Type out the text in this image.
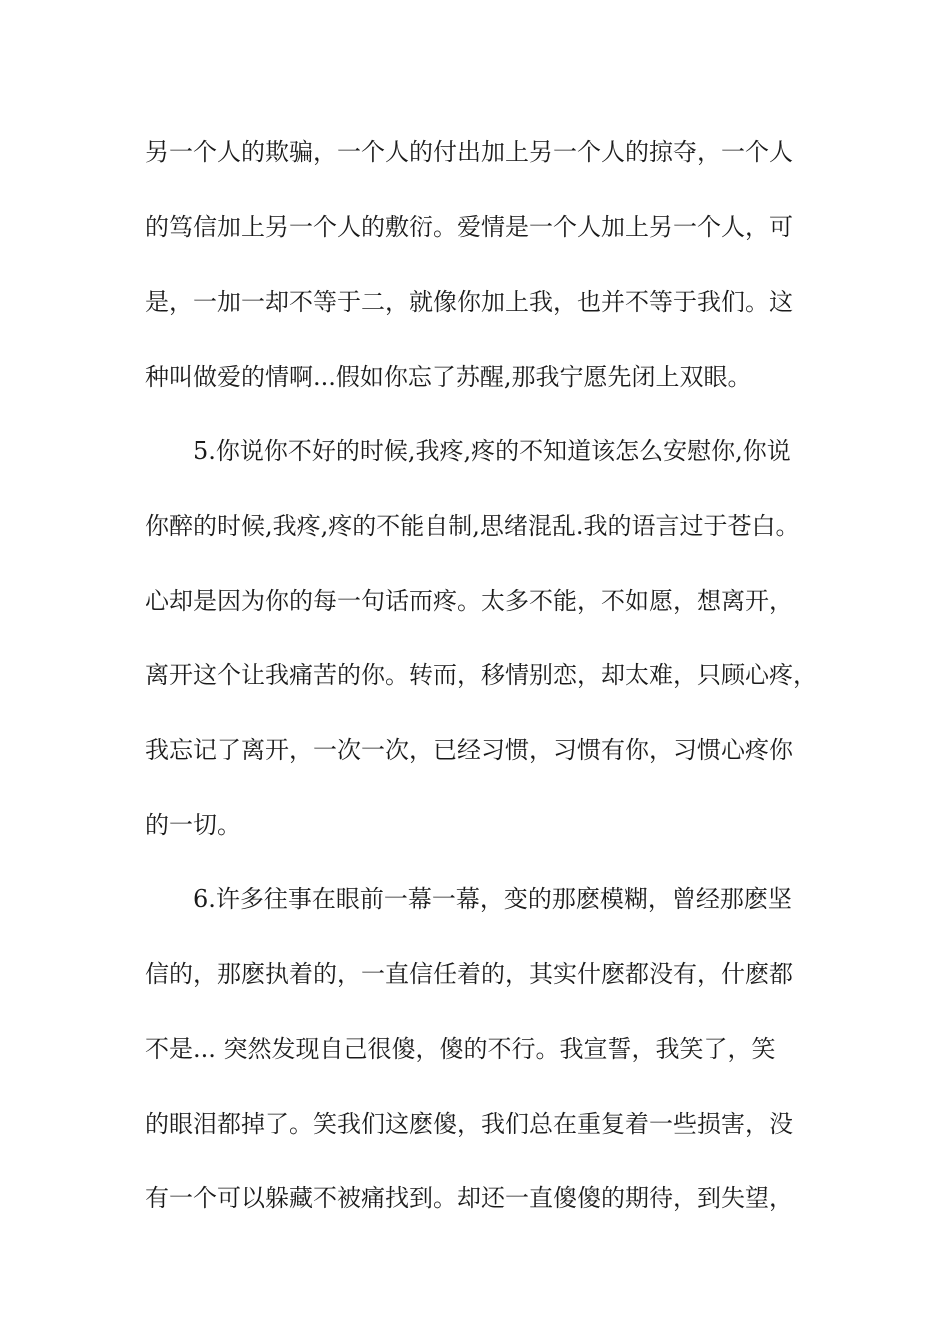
另一个人的欺骗，一个人的付出加上另一个人的掠夺，一个人
的笃信加上另一个人的敷衍。爱情是一个人加上另一个人，可
是，一加一却不等于二，就像你加上我，也并不等于我们。这
种叫做爱的情啊...假如你忘了苏醒,那我宁愿先闭上双眼。
5.你说你不好的时候,我疼,疼的不知道该怎么安慰你,你说
你醉的时候,我疼,疼的不能自制,思绪混乱.我的语言过于苍白。
心却是因为你的每一句话而疼。太多不能，不如愿，想离开，
离开这个让我痛苦的你。转而，移情别恋，却太难，只顾心疼，
我忘记了离开，一次一次，已经习惯，习惯有你，习惯心疼你
的一切。
6.许多往事在眼前一幕一幕，变的那麽模糊，曾经那麽坚
信的，那麽执着的，一直信任着的，其实什麽都没有，什麽都
不是... 突然发现自己很傻，傻的不行。我宣誓，我笑了，笑
的眼泪都掉了。笑我们这麽傻，我们总在重复着一些损害，没
有一个可以躲藏不被痛找到。却还一直傻傻的期待，到失望，
